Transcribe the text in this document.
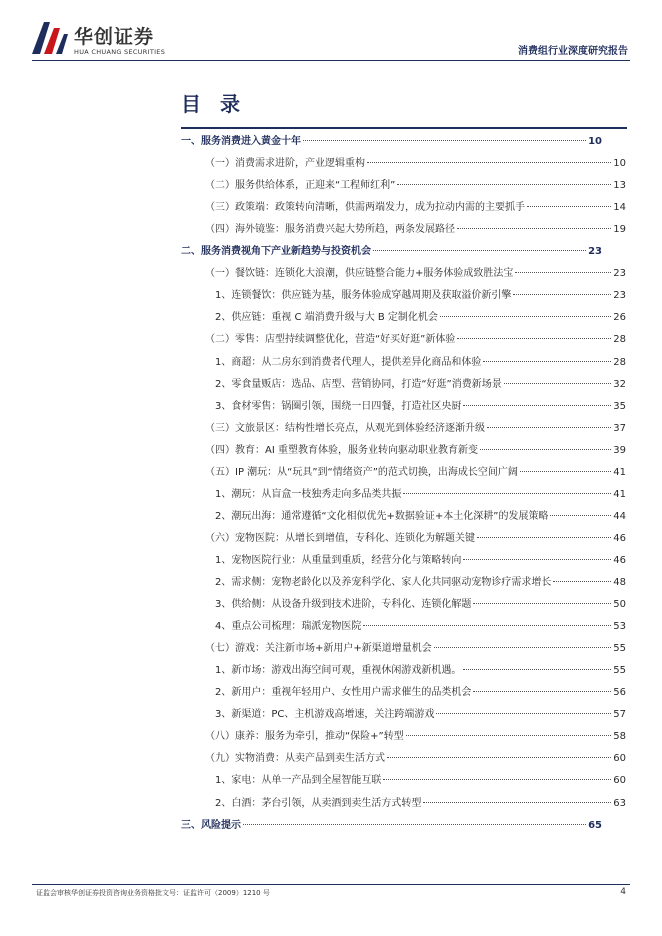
华创证券
HUA CHUANG SECURITIES	消费组行业深度研究报告
目 录
一、服务消费进入黄金十年	10
（一）消费需求进阶，产业逻辑重构	10
（二）服务供给体系，正迎来“工程师红利”	13
（三）政策端：政策转向清晰，供需两端发力，成为拉动内需的主要抓手	14
（四）海外镜鉴：服务消费兴起大势所趋，两条发展路径	19
二、服务消费视角下产业新趋势与投资机会	23
（一）餐饮链：连锁化大浪潮，供应链整合能力+服务体验成致胜法宝	23
1、连锁餐饮：供应链为基，服务体验成穿越周期及获取溢价新引擎	23
2、供应链：重视 C 端消费升级与大 B 定制化机会	26
（二）零售：店型持续调整优化，营造“好买好逛”新体验	28
1、商超：从二房东到消费者代理人，提供差异化商品和体验	28
2、零食量贩店：选品、店型、营销协同，打造“好逛”消费新场景	32
3、食材零售：锅圈引领，围绕一日四餐，打造社区央厨	35
（三）文旅景区：结构性增长亮点，从观光到体验经济逐渐升级	37
（四）教育：AI 重塑教育体验，服务业转向驱动职业教育新变	39
（五）IP 潮玩：从“玩具”到“情绪资产”的范式切换，出海成长空间广阔	41
1、潮玩：从盲盒一枝独秀走向多品类共振	41
2、潮玩出海：通常遵循“文化相似优先+数据验证+本土化深耕”的发展策略	44
（六）宠物医院：从增长到增值，专科化、连锁化为解题关键	46
1、宠物医院行业：从重量到重质，经营分化与策略转向	46
2、需求侧：宠物老龄化以及养宠科学化、家人化共同驱动宠物诊疗需求增长	48
3、供给侧：从设备升级到技术进阶，专科化、连锁化解题	50
4、重点公司梳理：瑞派宠物医院	53
（七）游戏：关注新市场+新用户+新渠道增量机会	55
1、新市场：游戏出海空间可观，重视休闲游戏新机遇。	55
2、新用户：重视年轻用户、女性用户需求催生的品类机会	56
3、新渠道：PC、主机游戏高增速，关注跨端游戏	57
（八）康养：服务为牵引，推动“保险+”转型	58
（九）实物消费：从卖产品到卖生活方式	60
1、家电：从单一产品到全屋智能互联	60
2、白酒：茅台引领，从卖酒到卖生活方式转型	63
三、风险提示	65
证监会审核华创证券投资咨询业务资格批文号：证监许可（2009）1210 号	4
